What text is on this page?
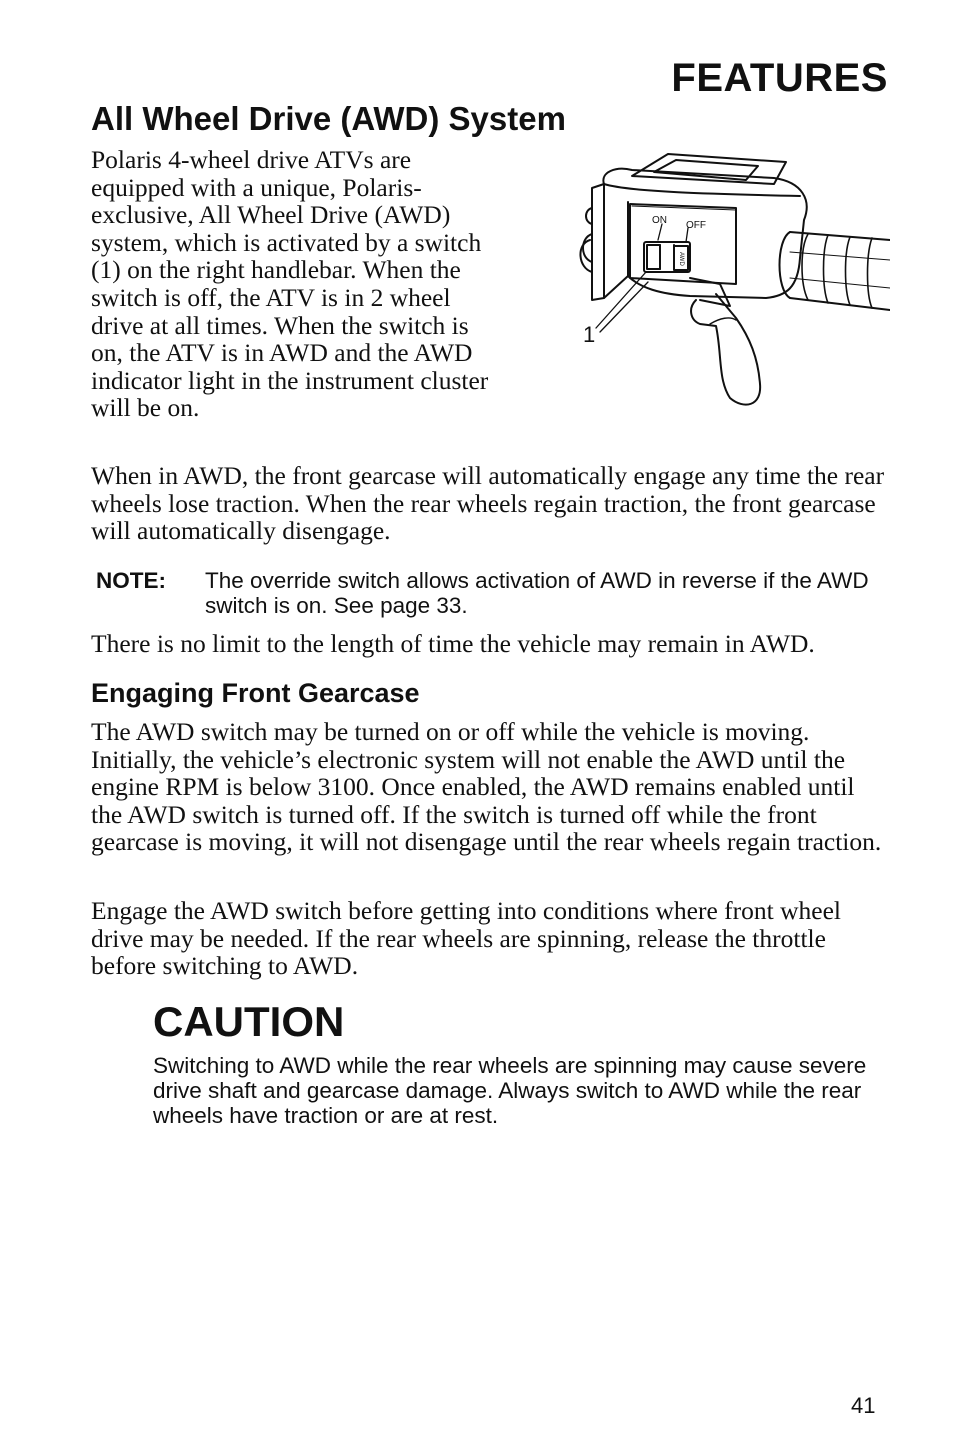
FEATURES
All Wheel Drive (AWD) System
Polaris 4-wheel drive ATVs are equipped with a unique, Polaris-exclusive, All Wheel Drive (AWD) system, which is activated by a switch (1) on the right handlebar. When the switch is off, the ATV is in 2 wheel drive at all times. When the switch is on, the ATV is in AWD and the AWD indicator light in the instrument cluster will be on.
ON OFF
AWD
1

When in AWD, the front gearcase will automatically engage any time the rear wheels lose traction. When the rear wheels regain traction, the front gearcase will automatically disengage.

NOTE: The override switch allows activation of AWD in reverse if the AWD switch is on. See page 33.

There is no limit to the length of time the vehicle may remain in AWD.

Engaging Front Gearcase

The AWD switch may be turned on or off while the vehicle is moving. Initially, the vehicle’s electronic system will not enable the AWD until the engine RPM is below 3100. Once enabled, the AWD remains enabled until the AWD switch is turned off. If the switch is turned off while the front gearcase is moving, it will not disengage until the rear wheels regain traction.

Engage the AWD switch before getting into conditions where front wheel drive may be needed. If the rear wheels are spinning, release the throttle before switching to AWD.

CAUTION
Switching to AWD while the rear wheels are spinning may cause severe drive shaft and gearcase damage. Always switch to AWD while the rear wheels have traction or are at rest.
41
